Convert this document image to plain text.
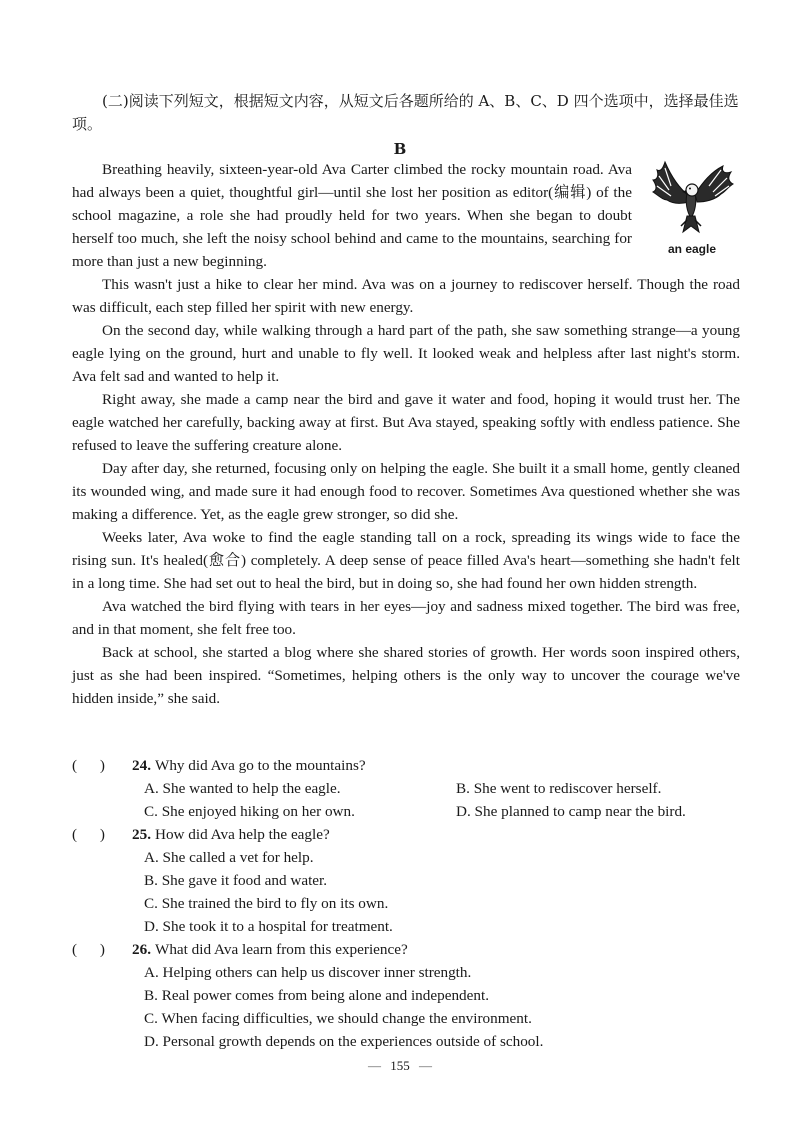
(二)阅读下列短文，根据短文内容，从短文后各题所给的 A、B、C、D 四个选项中，选择最佳选项。

B

an eagle

Breathing heavily, sixteen-year-old Ava Carter climbed the rocky mountain road. Ava had always been a quiet, thoughtful girl—until she lost her position as editor(编辑) of the school magazine, a role she had proudly held for two years. When she began to doubt herself too much, she left the noisy school behind and came to the mountains, searching for more than just a new beginning.

This wasn't just a hike to clear her mind. Ava was on a journey to rediscover herself. Though the road was difficult, each step filled her spirit with new energy.

On the second day, while walking through a hard part of the path, she saw something strange—a young eagle lying on the ground, hurt and unable to fly well. It looked weak and helpless after last night's storm. Ava felt sad and wanted to help it.

Right away, she made a camp near the bird and gave it water and food, hoping it would trust her. The eagle watched her carefully, backing away at first. But Ava stayed, speaking softly with endless patience. She refused to leave the suffering creature alone.

Day after day, she returned, focusing only on helping the eagle. She built it a small home, gently cleaned its wounded wing, and made sure it had enough food to recover. Sometimes Ava questioned whether she was making a difference. Yet, as the eagle grew stronger, so did she.

Weeks later, Ava woke to find the eagle standing tall on a rock, spreading its wings wide to face the rising sun. It's healed(愈合) completely. A deep sense of peace filled Ava's heart—something she hadn't felt in a long time. She had set out to heal the bird, but in doing so, she had found her own hidden strength.

Ava watched the bird flying with tears in her eyes—joy and sadness mixed together. The bird was free, and in that moment, she felt free too.

Back at school, she started a blog where she shared stories of growth. Her words soon inspired others, just as she had been inspired. “Sometimes, helping others is the only way to uncover the courage we've hidden inside,” she said.

(      )	24. Why did Ava go to the mountains?
A. She wanted to help the eagle.	B. She went to rediscover herself.
C. She enjoyed hiking on her own.	D. She planned to camp near the bird.
(      )	25. How did Ava help the eagle?
A. She called a vet for help.
B. She gave it food and water.
C. She trained the bird to fly on its own.
D. She took it to a hospital for treatment.
(      )	26. What did Ava learn from this experience?
A. Helping others can help us discover inner strength.
B. Real power comes from being alone and independent.
C. When facing difficulties, we should change the environment.
D. Personal growth depends on the experiences outside of school.
— 155 —
